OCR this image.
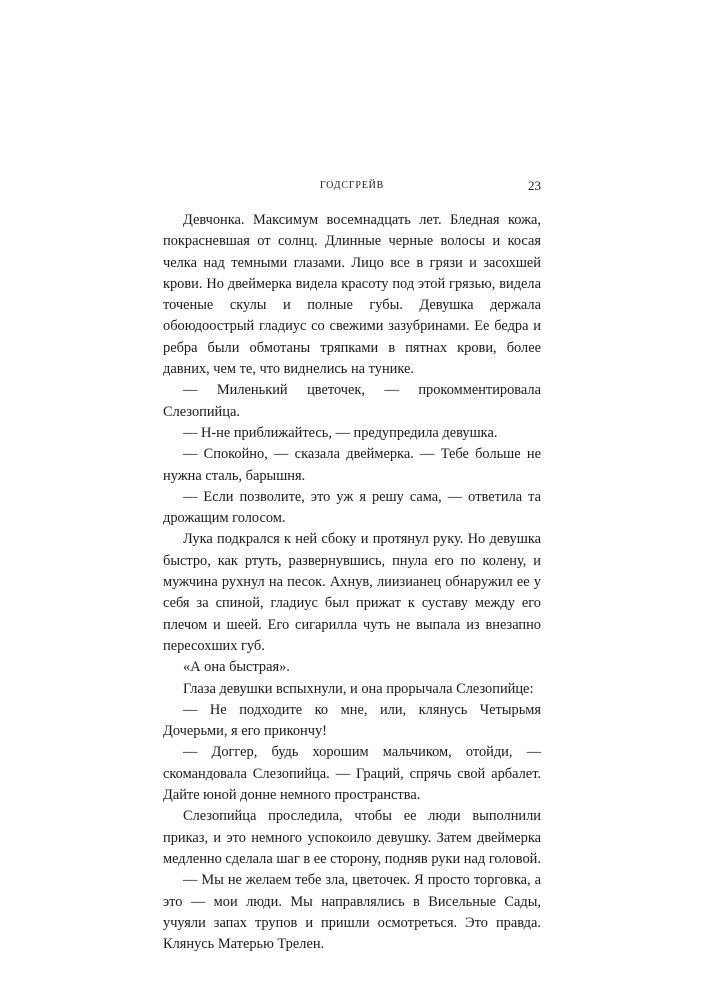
ГОДСГРЕЙВ	23

Девчонка. Максимум восемнадцать лет. Бледная кожа, покрасневшая от солнц. Длинные черные волосы и косая челка над темными глазами. Лицо все в грязи и засохшей крови. Но двеймерка видела красоту под этой грязью, видела точеные скулы и полные губы. Девушка держала обоюдоострый гладиус со свежими зазубринами. Ее бедра и ребра были обмотаны тряпками в пятнах крови, более давних, чем те, что виднелись на тунике.

— Миленький цветочек, — прокомментировала Слезопийца.

— Н-не приближайтесь, — предупредила девушка.

— Спокойно, — сказала двеймерка. — Тебе больше не нужна сталь, барышня.

— Если позволите, это уж я решу сама, — ответила та дрожащим голосом.

Лука подкрался к ней сбоку и протянул руку. Но девушка быстро, как ртуть, развернувшись, пнула его по колену, и мужчина рухнул на песок. Ахнув, лиизианец обнаружил ее у себя за спиной, гладиус был прижат к суставу между его плечом и шеей. Его сигарилла чуть не выпала из внезапно пересохших губ.

«А она быстрая».

Глаза девушки вспыхнули, и она прорычала Слезопийце:

— Не подходите ко мне, или, клянусь Четырьмя Дочерьми, я его прикончу!

— Доггер, будь хорошим мальчиком, отойди, — скомандовала Слезопийца. — Граций, спрячь свой арбалет. Дайте юной донне немного пространства.

Слезопийца проследила, чтобы ее люди выполнили приказ, и это немного успокоило девушку. Затем двеймерка медленно сделала шаг в ее сторону, подняв руки над головой.

— Мы не желаем тебе зла, цветочек. Я просто торговка, а это — мои люди. Мы направлялись в Висельные Сады, учуяли запах трупов и пришли осмотреться. Это правда. Клянусь Матерью Трелен.
